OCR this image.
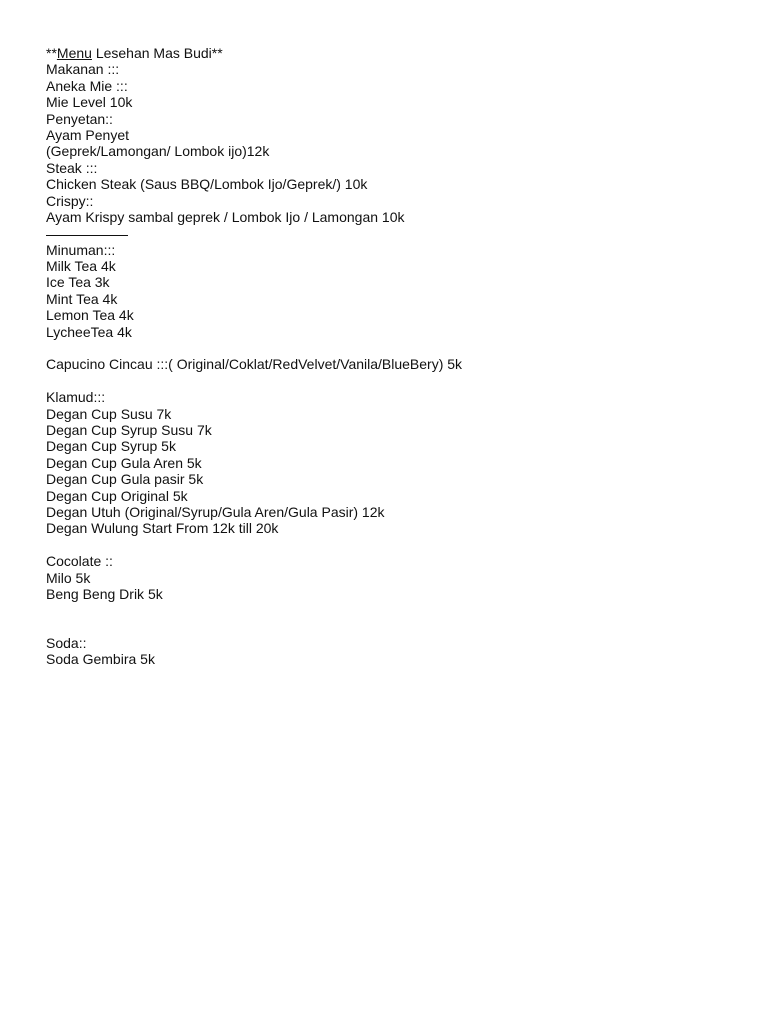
**Menu Lesehan Mas Budi**
Makanan :::
Aneka Mie :::
Mie Level 10k
Penyetan::
Ayam Penyet
(Geprek/Lamongan/ Lombok ijo)12k
Steak :::
Chicken Steak (Saus BBQ/Lombok Ijo/Geprek/) 10k
Crispy::
Ayam Krispy sambal geprek / Lombok Ijo / Lamongan 10k
Minuman:::
Milk Tea 4k
Ice Tea 3k
Mint Tea 4k
Lemon Tea 4k
LycheeTea 4k
Capucino Cincau :::( Original/Coklat/RedVelvet/Vanila/BlueBery) 5k
Klamud:::
Degan Cup Susu 7k
Degan Cup Syrup Susu 7k
Degan Cup Syrup 5k
Degan Cup Gula Aren 5k
Degan Cup Gula pasir 5k
Degan Cup Original 5k
Degan Utuh (Original/Syrup/Gula Aren/Gula Pasir) 12k
Degan Wulung Start From 12k till 20k
Cocolate ::
Milo 5k
Beng Beng Drik 5k
Soda::
Soda Gembira 5k
